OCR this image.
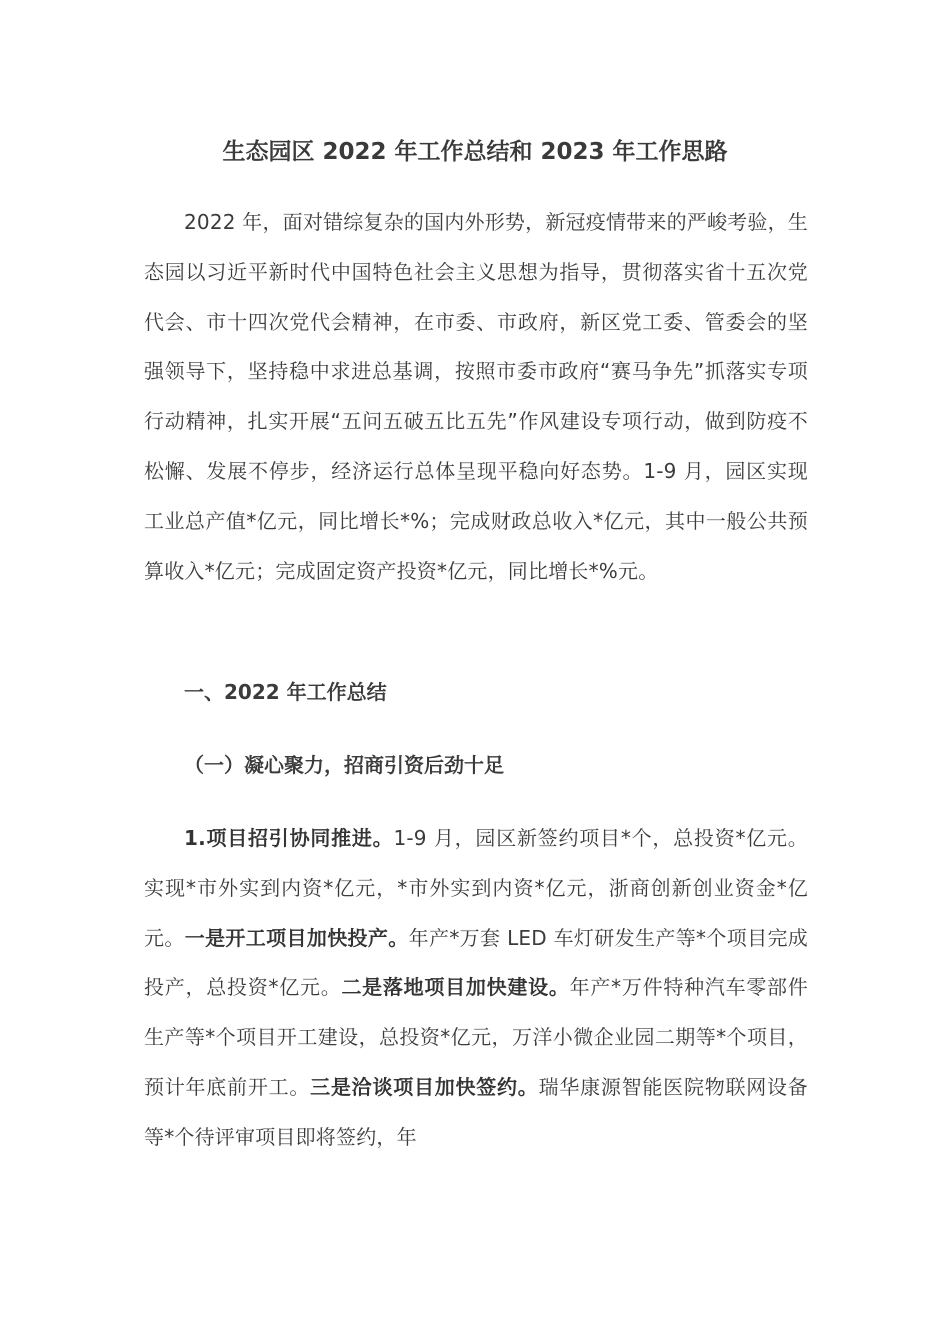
生态园区 2022 年工作总结和 2023 年工作思路

2022 年，面对错综复杂的国内外形势，新冠疫情带来的严峻考验，生态园以习近平新时代中国特色社会主义思想为指导，贯彻落实省十五次党代会、市十四次党代会精神，在市委、市政府，新区党工委、管委会的坚强领导下，坚持稳中求进总基调，按照市委市政府“赛马争先”抓落实专项行动精神，扎实开展“五问五破五比五先”作风建设专项行动，做到防疫不松懈、发展不停步，经济运行总体呈现平稳向好态势。1-9 月，园区实现工业总产值*亿元，同比增长*%；完成财政总收入*亿元，其中一般公共预算收入*亿元；完成固定资产投资*亿元，同比增长*%元。

一、2022 年工作总结
（一）凝心聚力，招商引资后劲十足

1.项目招引协同推进。1-9 月，园区新签约项目*个，总投资*亿元。实现*市外实到内资*亿元，*市外实到内资*亿元，浙商创新创业资金*亿元。一是开工项目加快投产。年产*万套 LED 车灯研发生产等*个项目完成投产，总投资*亿元。二是落地项目加快建设。年产*万件特种汽车零部件生产等*个项目开工建设，总投资*亿元，万洋小微企业园二期等*个项目，预计年底前开工。三是洽谈项目加快签约。瑞华康源智能医院物联网设备等*个待评审项目即将签约，年
